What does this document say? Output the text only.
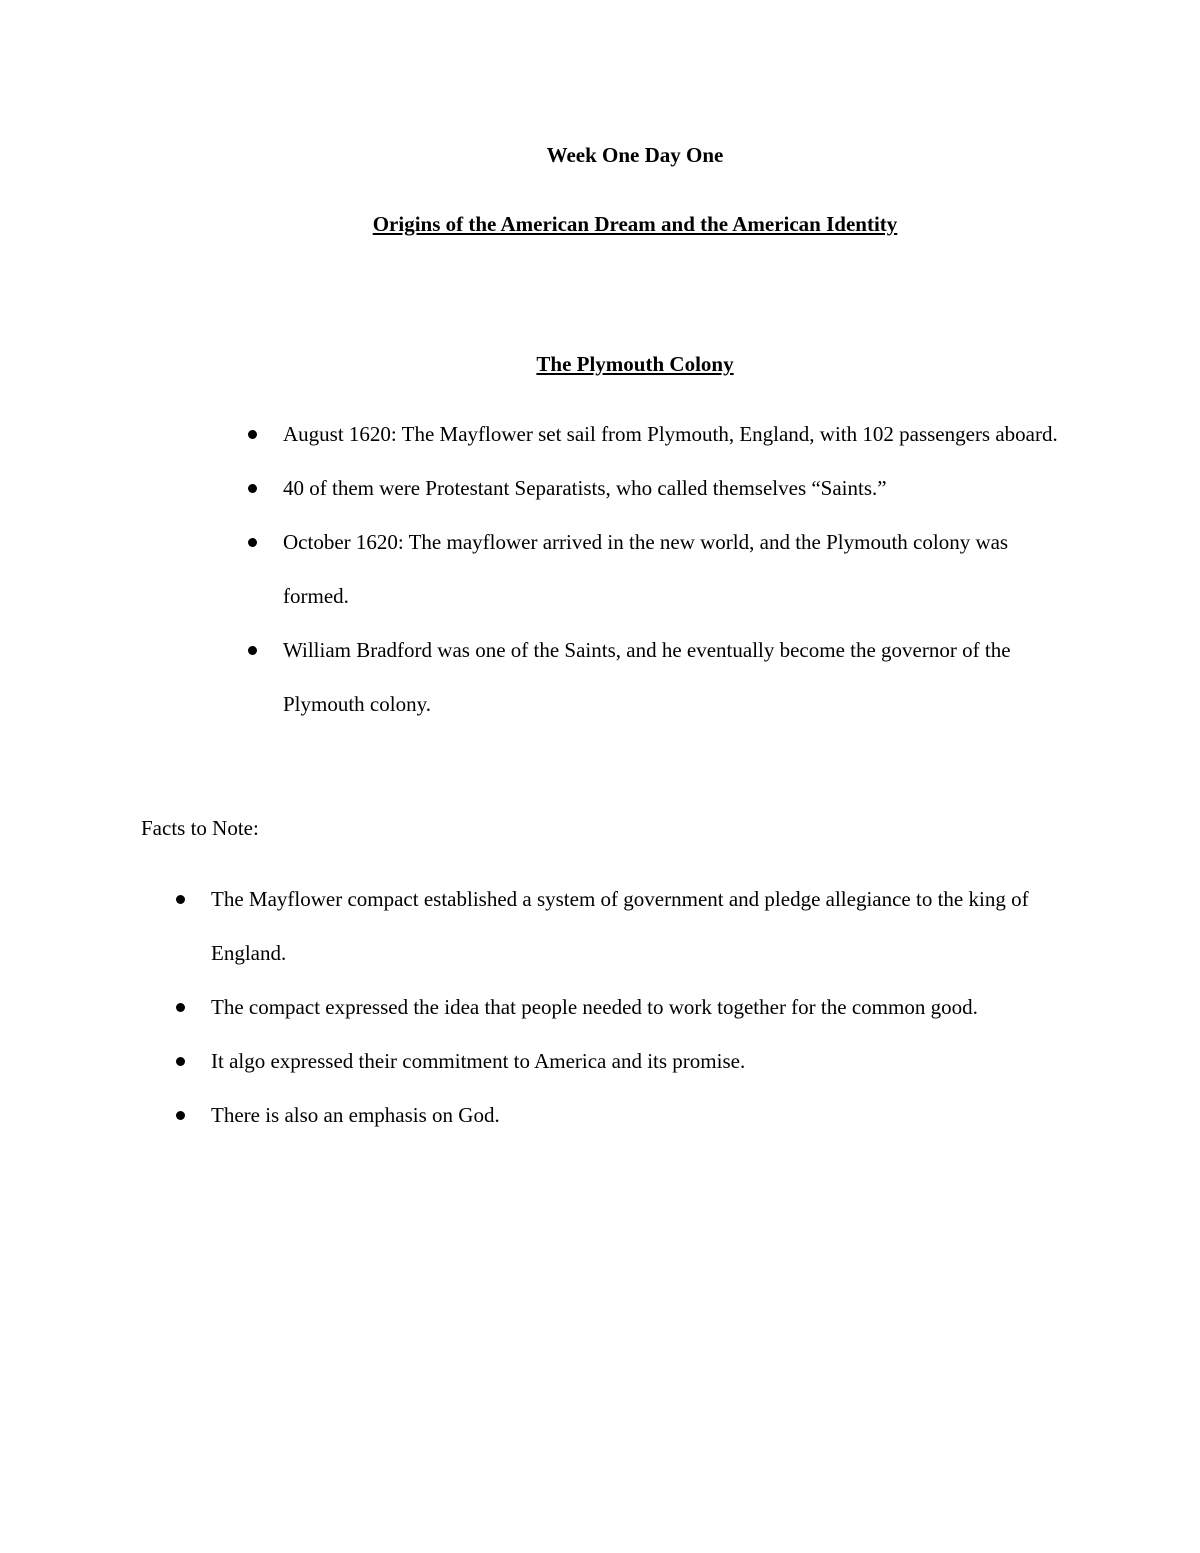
Week One Day One
Origins of the American Dream and the American Identity
The Plymouth Colony
August 1620: The Mayflower set sail from Plymouth, England, with 102 passengers aboard.
40 of them were Protestant Separatists, who called themselves “Saints.”
October 1620: The mayflower arrived in the new world, and the Plymouth colony was formed.
William Bradford was one of the Saints, and he eventually become the governor of the Plymouth colony.
Facts to Note:
The Mayflower compact established a system of government and pledge allegiance to the king of England.
The compact expressed the idea that people needed to work together for the common good.
It algo expressed their commitment to America and its promise.
There is also an emphasis on God.
